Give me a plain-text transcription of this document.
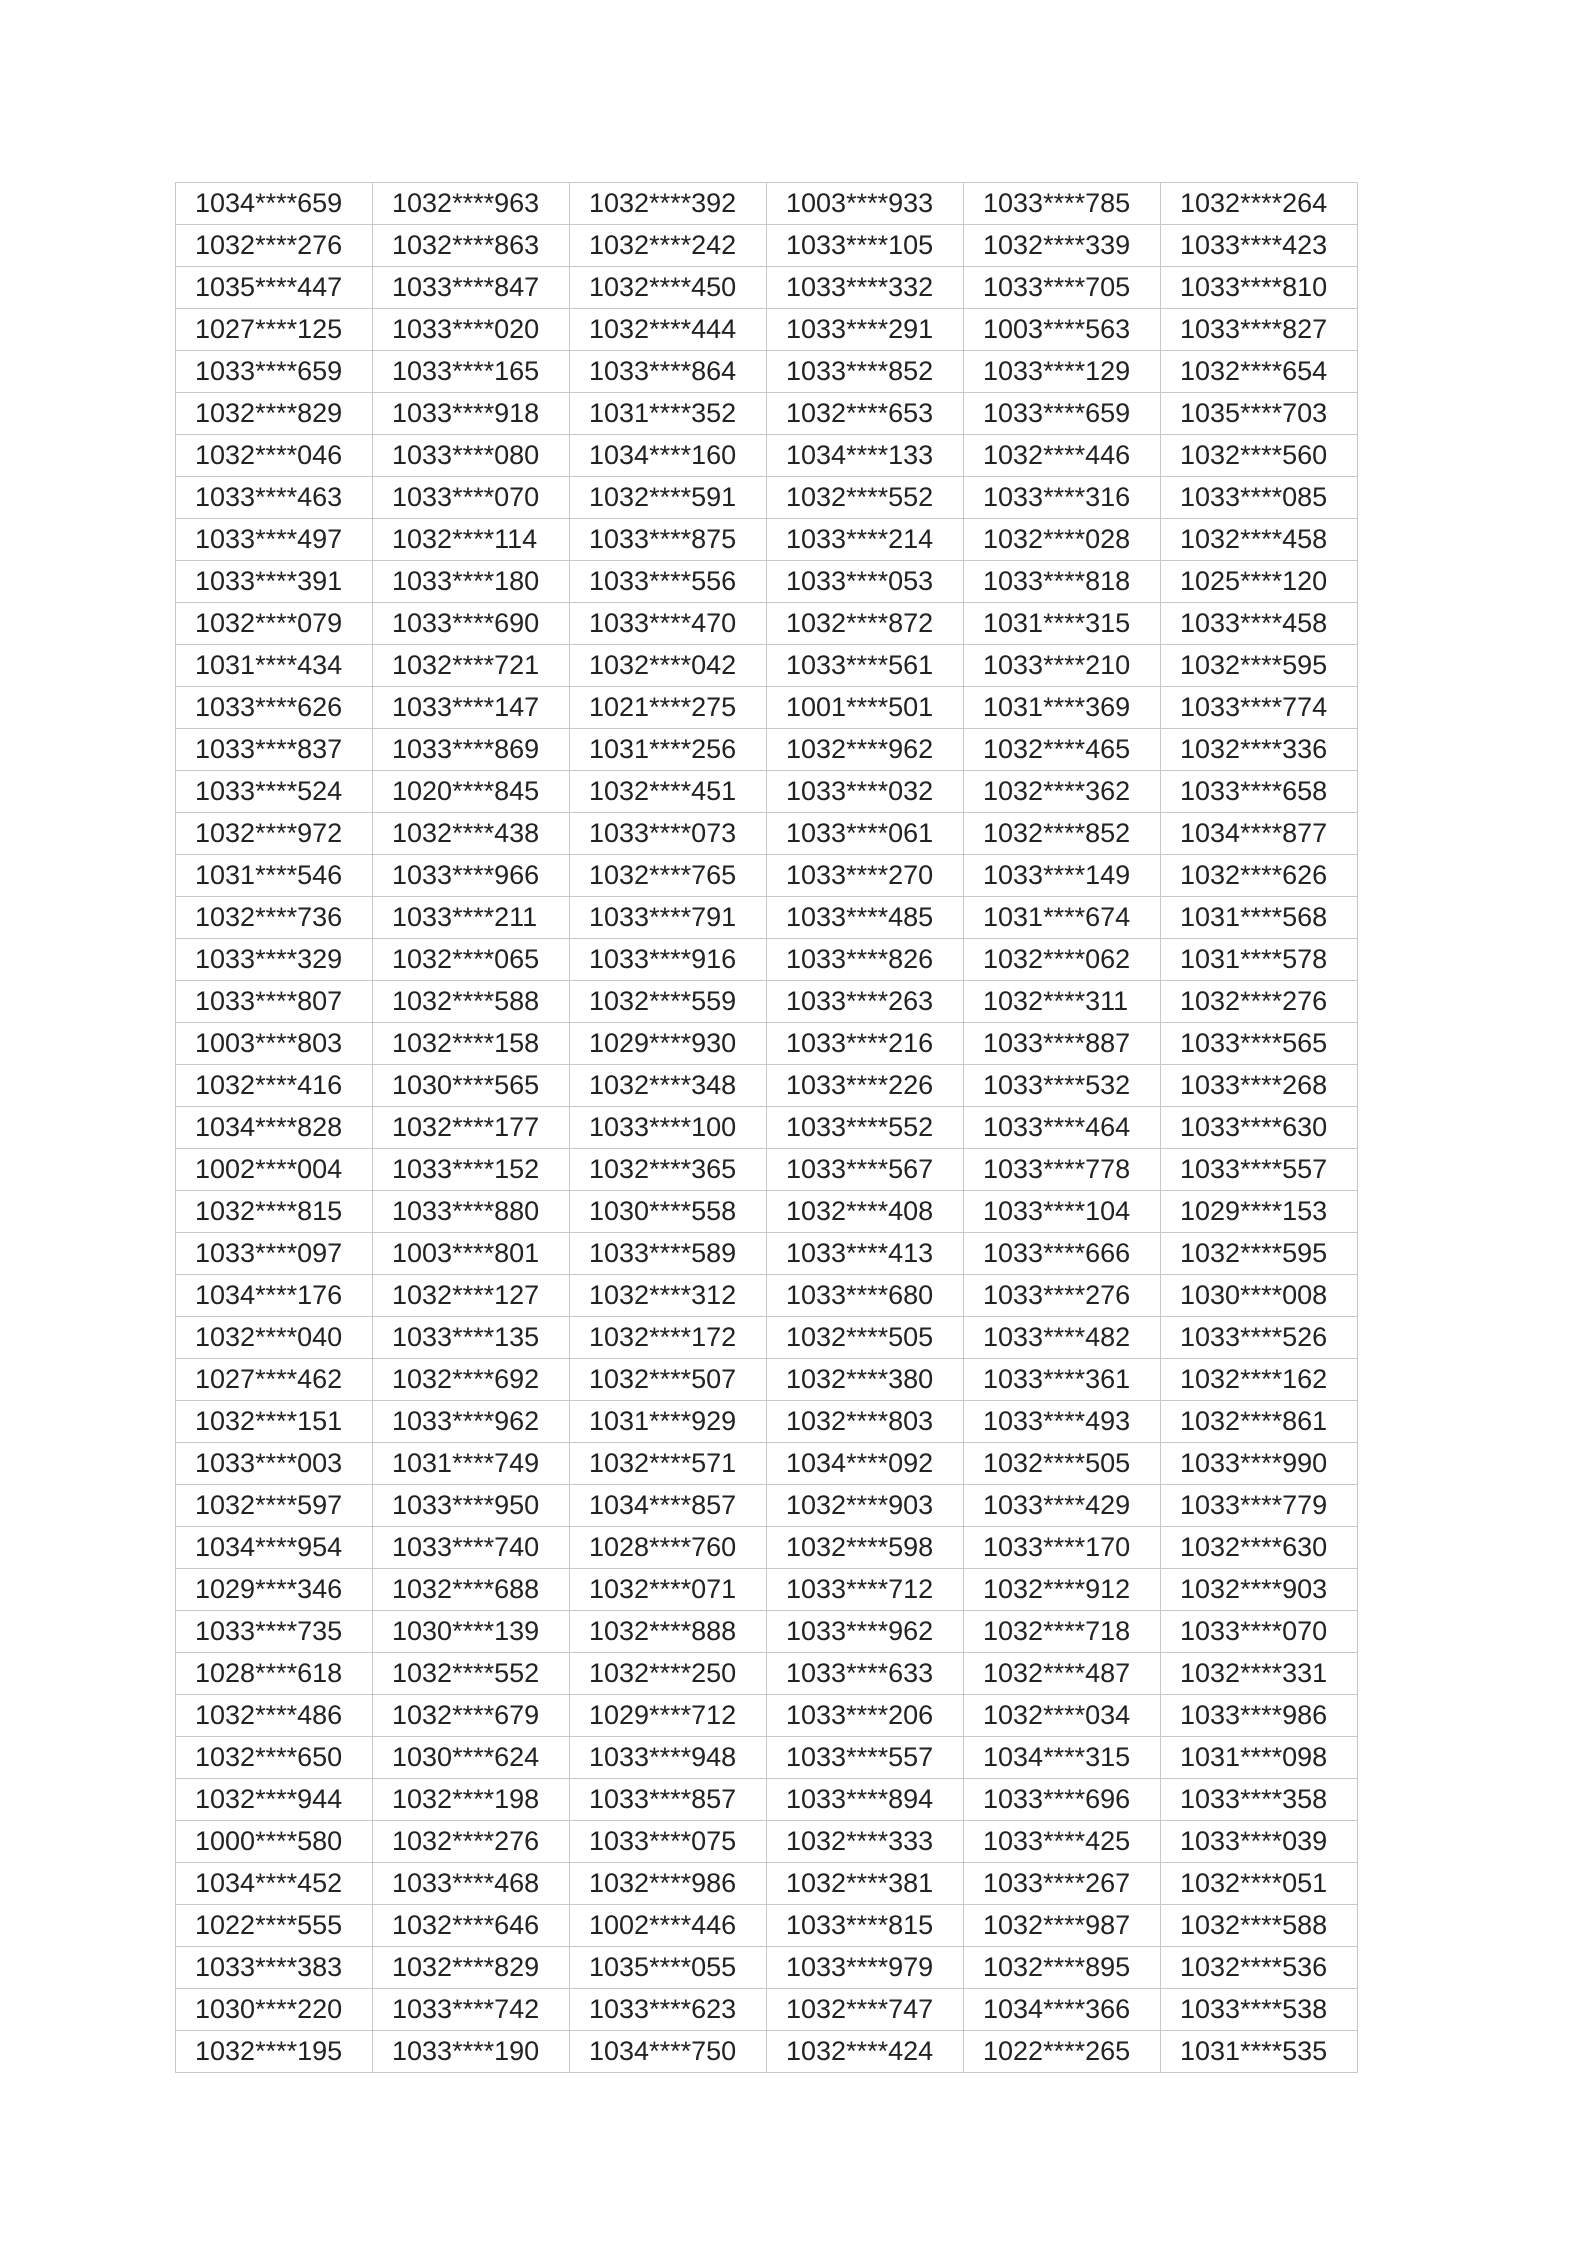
1034****659	1032****963	1032****392	1003****933	1033****785	1032****264
1032****276	1032****863	1032****242	1033****105	1032****339	1033****423
1035****447	1033****847	1032****450	1033****332	1033****705	1033****810
1027****125	1033****020	1032****444	1033****291	1003****563	1033****827
1033****659	1033****165	1033****864	1033****852	1033****129	1032****654
1032****829	1033****918	1031****352	1032****653	1033****659	1035****703
1032****046	1033****080	1034****160	1034****133	1032****446	1032****560
1033****463	1033****070	1032****591	1032****552	1033****316	1033****085
1033****497	1032****114	1033****875	1033****214	1032****028	1032****458
1033****391	1033****180	1033****556	1033****053	1033****818	1025****120
1032****079	1033****690	1033****470	1032****872	1031****315	1033****458
1031****434	1032****721	1032****042	1033****561	1033****210	1032****595
1033****626	1033****147	1021****275	1001****501	1031****369	1033****774
1033****837	1033****869	1031****256	1032****962	1032****465	1032****336
1033****524	1020****845	1032****451	1033****032	1032****362	1033****658
1032****972	1032****438	1033****073	1033****061	1032****852	1034****877
1031****546	1033****966	1032****765	1033****270	1033****149	1032****626
1032****736	1033****211	1033****791	1033****485	1031****674	1031****568
1033****329	1032****065	1033****916	1033****826	1032****062	1031****578
1033****807	1032****588	1032****559	1033****263	1032****311	1032****276
1003****803	1032****158	1029****930	1033****216	1033****887	1033****565
1032****416	1030****565	1032****348	1033****226	1033****532	1033****268
1034****828	1032****177	1033****100	1033****552	1033****464	1033****630
1002****004	1033****152	1032****365	1033****567	1033****778	1033****557
1032****815	1033****880	1030****558	1032****408	1033****104	1029****153
1033****097	1003****801	1033****589	1033****413	1033****666	1032****595
1034****176	1032****127	1032****312	1033****680	1033****276	1030****008
1032****040	1033****135	1032****172	1032****505	1033****482	1033****526
1027****462	1032****692	1032****507	1032****380	1033****361	1032****162
1032****151	1033****962	1031****929	1032****803	1033****493	1032****861
1033****003	1031****749	1032****571	1034****092	1032****505	1033****990
1032****597	1033****950	1034****857	1032****903	1033****429	1033****779
1034****954	1033****740	1028****760	1032****598	1033****170	1032****630
1029****346	1032****688	1032****071	1033****712	1032****912	1032****903
1033****735	1030****139	1032****888	1033****962	1032****718	1033****070
1028****618	1032****552	1032****250	1033****633	1032****487	1032****331
1032****486	1032****679	1029****712	1033****206	1032****034	1033****986
1032****650	1030****624	1033****948	1033****557	1034****315	1031****098
1032****944	1032****198	1033****857	1033****894	1033****696	1033****358
1000****580	1032****276	1033****075	1032****333	1033****425	1033****039
1034****452	1033****468	1032****986	1032****381	1033****267	1032****051
1022****555	1032****646	1002****446	1033****815	1032****987	1032****588
1033****383	1032****829	1035****055	1033****979	1032****895	1032****536
1030****220	1033****742	1033****623	1032****747	1034****366	1033****538
1032****195	1033****190	1034****750	1032****424	1022****265	1031****535
